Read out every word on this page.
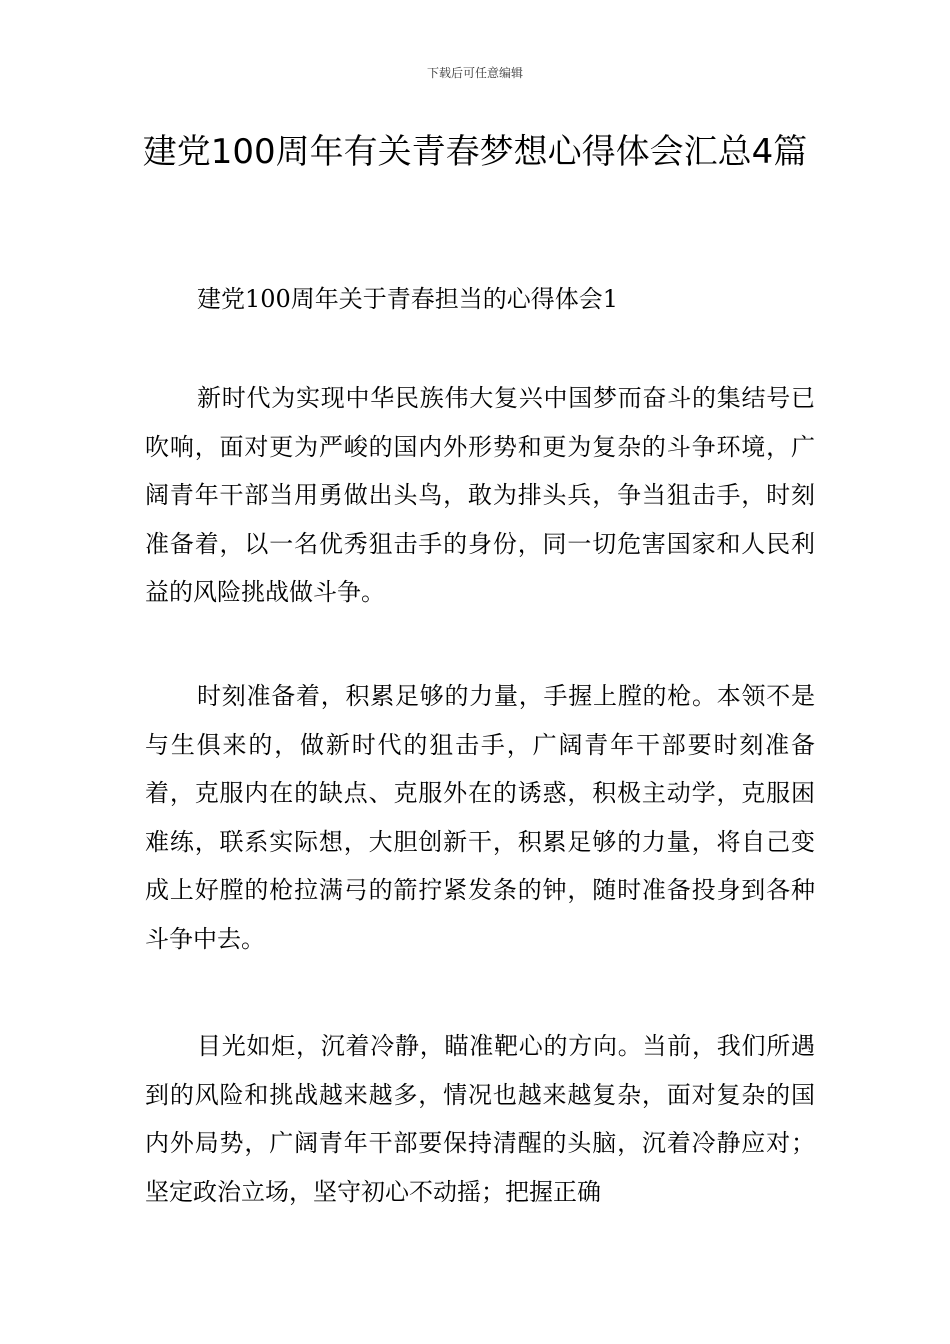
下载后可任意编辑
建党100周年有关青春梦想心得体会汇总4篇

建党100周年关于青春担当的心得体会1

新时代为实现中华民族伟大复兴中国梦而奋斗的集结号已吹响，面对更为严峻的国内外形势和更为复杂的斗争环境，广阔青年干部当用勇做出头鸟，敢为排头兵，争当狙击手，时刻准备着，以一名优秀狙击手的身份，同一切危害国家和人民利益的风险挑战做斗争。

时刻准备着，积累足够的力量，手握上膛的枪。本领不是与生俱来的，做新时代的狙击手，广阔青年干部要时刻准备着，克服内在的缺点、克服外在的诱惑，积极主动学，克服困难练，联系实际想，大胆创新干，积累足够的力量，将自己变成上好膛的枪拉满弓的箭拧紧发条的钟，随时准备投身到各种斗争中去。

目光如炬，沉着冷静，瞄准靶心的方向。当前，我们所遇到的风险和挑战越来越多，情况也越来越复杂，面对复杂的国内外局势，广阔青年干部要保持清醒的头脑，沉着冷静应对；坚定政治立场，坚守初心不动摇；把握正确
